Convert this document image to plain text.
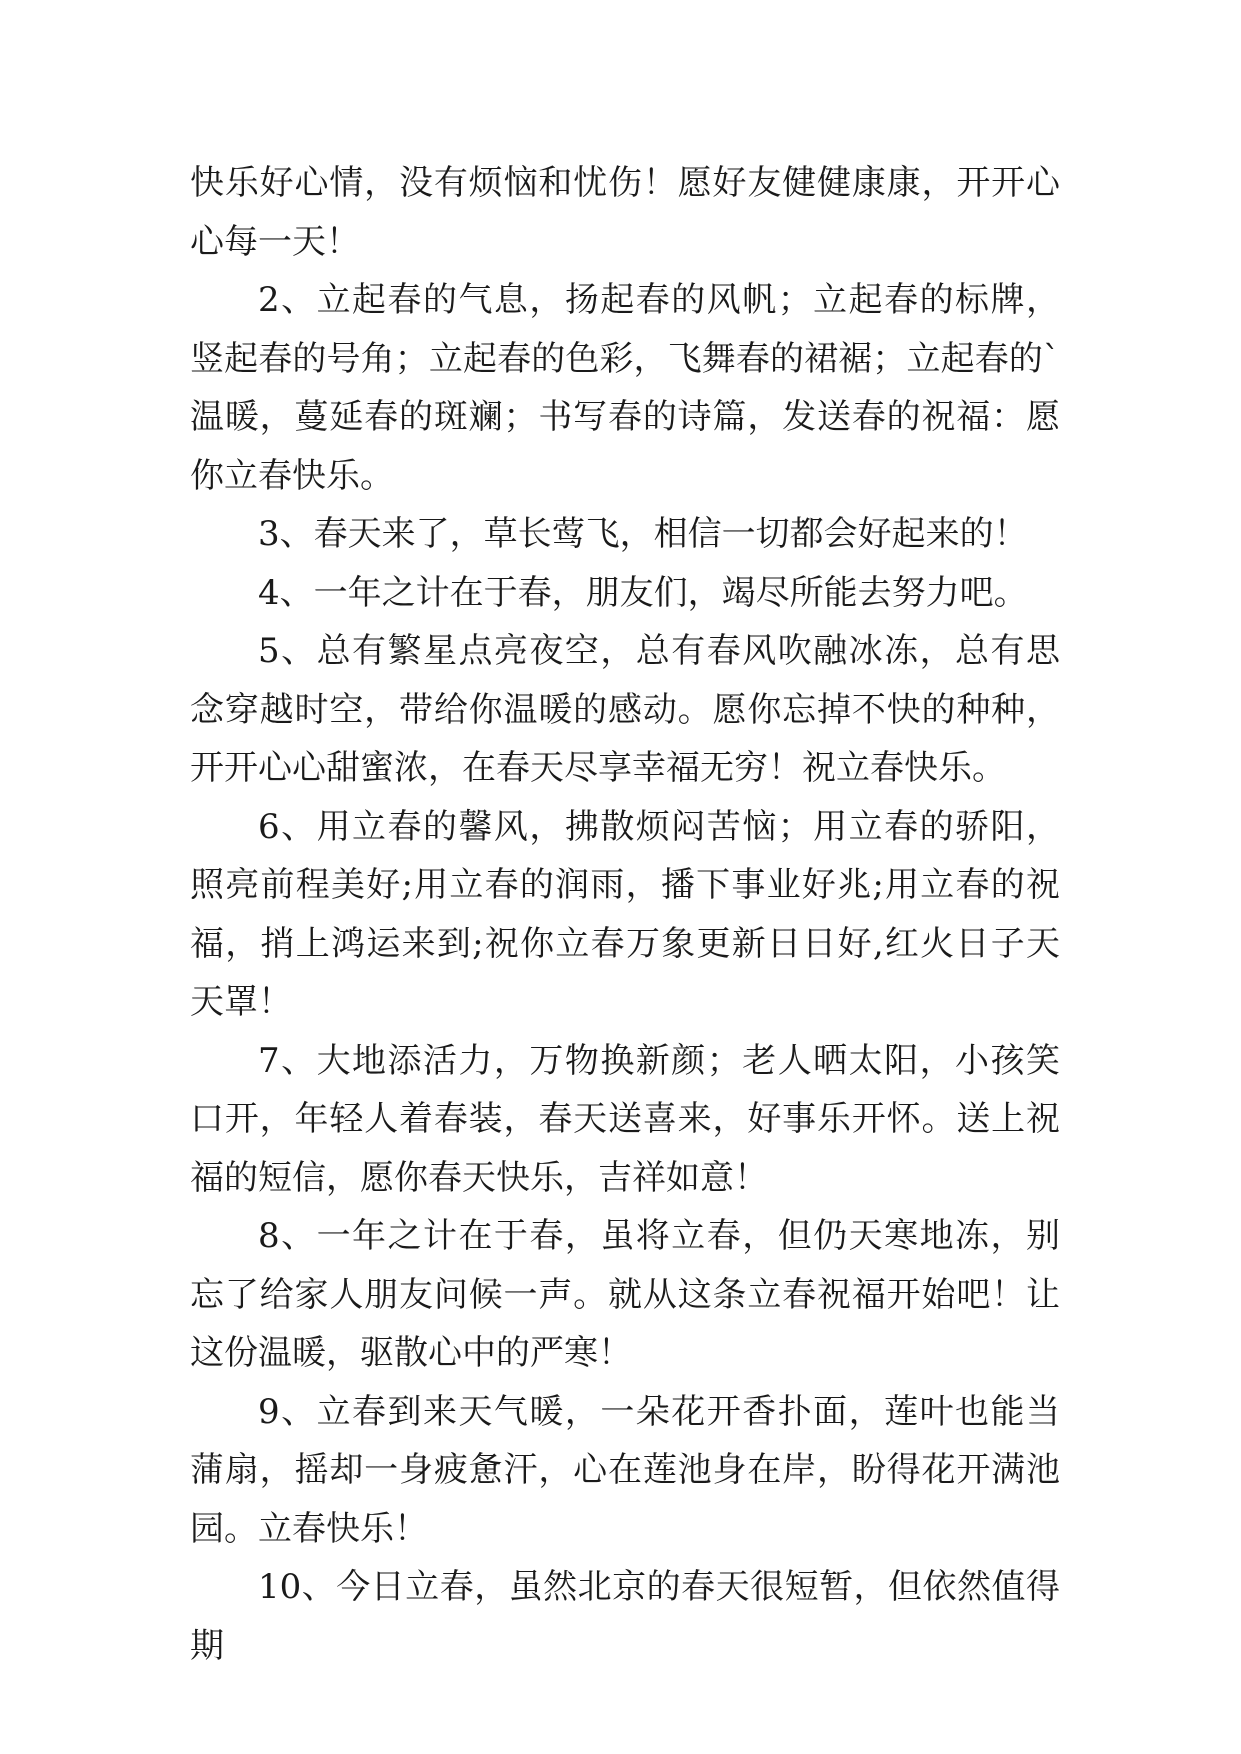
快乐好心情，没有烦恼和忧伤！愿好友健健康康，开开心心每一天！

2、立起春的气息，扬起春的风帆；立起春的标牌，竖起春的号角；立起春的色彩，飞舞春的裙裾；立起春的`温暖，蔓延春的斑斓；书写春的诗篇，发送春的祝福：愿你立春快乐。

3、春天来了，草长莺飞，相信一切都会好起来的！

4、一年之计在于春，朋友们，竭尽所能去努力吧。

5、总有繁星点亮夜空，总有春风吹融冰冻，总有思念穿越时空，带给你温暖的感动。愿你忘掉不快的种种，开开心心甜蜜浓，在春天尽享幸福无穷！祝立春快乐。

6、用立春的馨风，拂散烦闷苦恼；用立春的骄阳，照亮前程美好;用立春的润雨，播下事业好兆;用立春的祝福，捎上鸿运来到;祝你立春万象更新日日好,红火日子天天罩！

7、大地添活力，万物换新颜；老人晒太阳，小孩笑口开，年轻人着春装，春天送喜来，好事乐开怀。送上祝福的短信，愿你春天快乐，吉祥如意！

8、一年之计在于春，虽将立春，但仍天寒地冻，别忘了给家人朋友问候一声。就从这条立春祝福开始吧！让这份温暖，驱散心中的严寒！

9、立春到来天气暖，一朵花开香扑面，莲叶也能当蒲扇，摇却一身疲惫汗，心在莲池身在岸，盼得花开满池园。立春快乐！

10、今日立春，虽然北京的春天很短暂，但依然值得期
